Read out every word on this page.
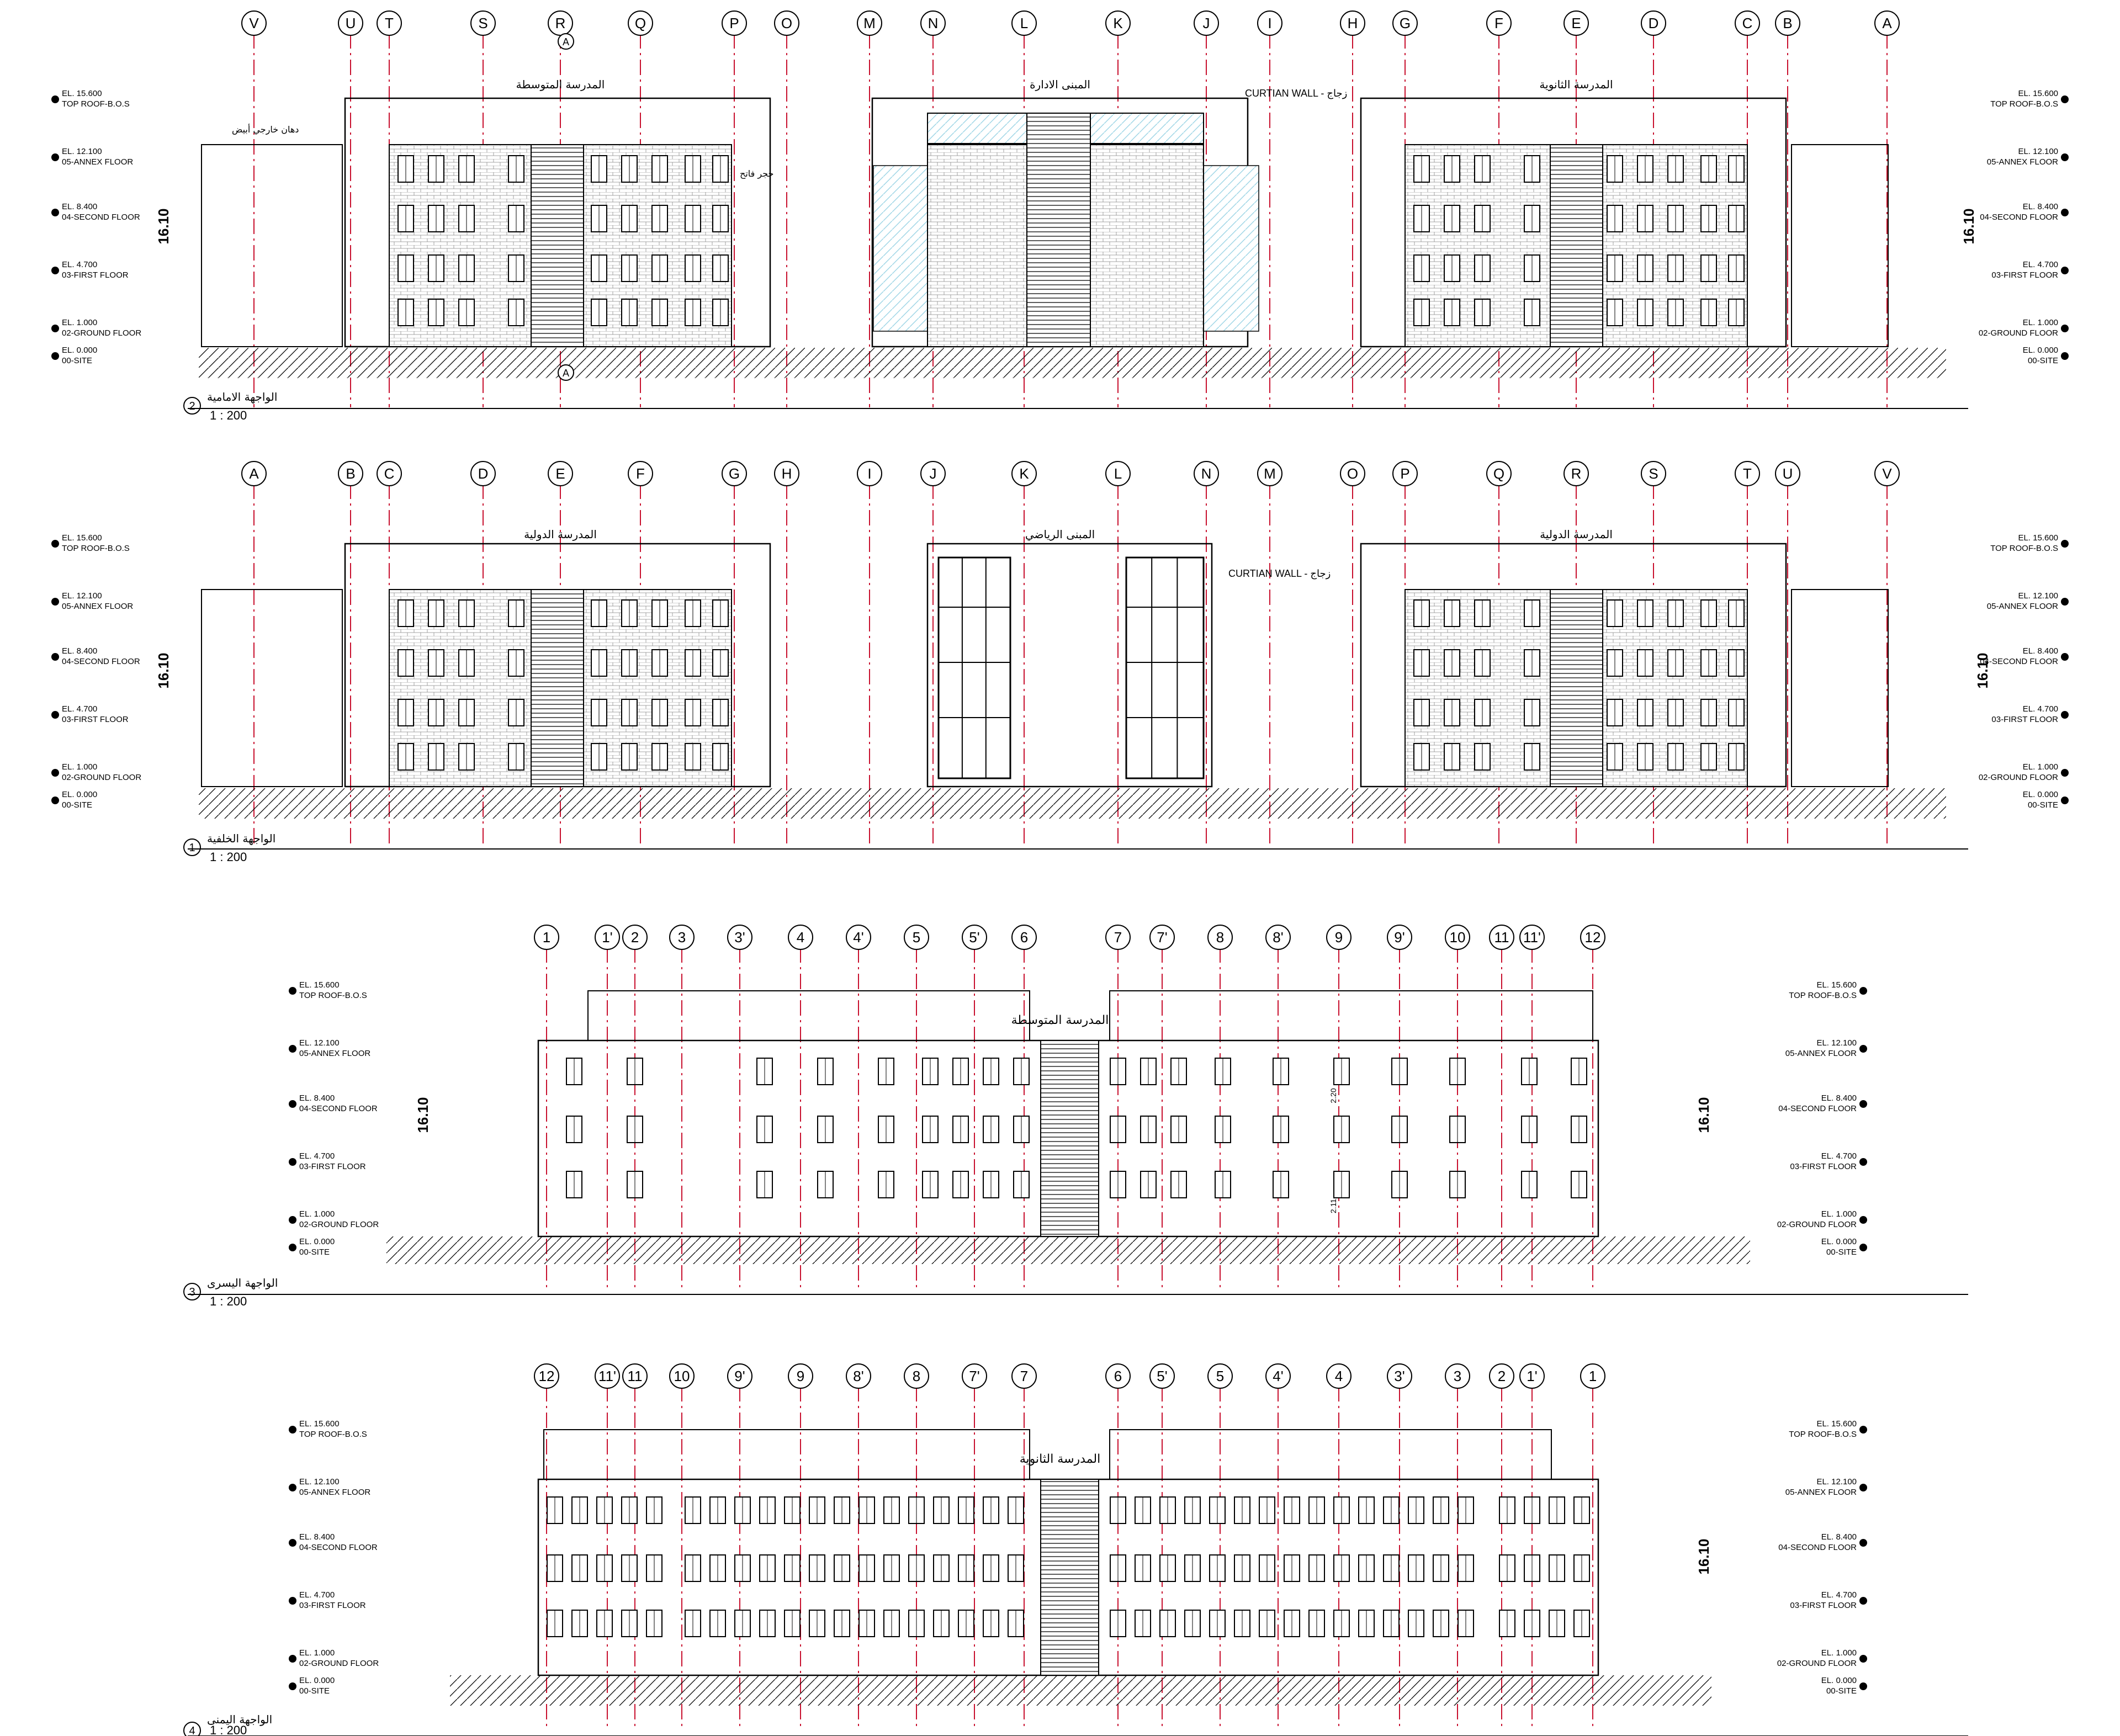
V	U T	S	R	Q	P	O	M	N	L	K	J	I	H	G	F	E	D	C B	A
2
الواجهة الامامية
1 : 200
المدرسة المتوسطة	المبنى الادارة	المدرسة الثانوية
CURTIAN WALL - زجاج
دهان خارجي أبيض
حجر فاتح
16.10	16.10
A
A
A	B C	D	E	F	G	H	I	J	K	L	N	M	O	P	Q	R	S	T U	V
1
الواجهة الخلفية
1 : 200
المدرسة الدولية	المبنى الرياضي	المدرسة الدولية
CURTIAN WALL - زجاج
16.10	16.10
1	1' 2	3	3'	4	4'	5	5'	6	7 7'	8	8'	9	9'	10 11 11'	12
3
الواجهة اليسرى
1 : 200
المدرسة المتوسطة
2.20
2.11
16.10	16.10
12	11' 11 10	9'	9	8'	8	7'	7	6 5'	5	4'	4	3'	3	2 1'	1
4
الواجهة اليمنى
1 : 200
المدرسة الثانوية
16.10
EL. 15.600
TOP ROOF-B.O.S
EL. 15.600
TOP ROOF-B.O.S
EL. 12.100
05-ANNEX FLOOR
EL. 12.100
05-ANNEX FLOOR
EL. 8.400
04-SECOND FLOOR
EL. 8.400
04-SECOND FLOOR
EL. 4.700
03-FIRST FLOOR
EL. 4.700
03-FIRST FLOOR
EL. 1.000
02-GROUND FLOOR
EL. 1.000
02-GROUND FLOOR
EL. 0.000
00-SITE
EL. 0.000
00-SITE
EL. 15.600
TOP ROOF-B.O.S
EL. 15.600
TOP ROOF-B.O.S
EL. 12.100
05-ANNEX FLOOR
EL. 12.100
05-ANNEX FLOOR
EL. 8.400
04-SECOND FLOOR
EL. 8.400
04-SECOND FLOOR
EL. 4.700
03-FIRST FLOOR
EL. 4.700
03-FIRST FLOOR
EL. 1.000
02-GROUND FLOOR
EL. 1.000
02-GROUND FLOOR
EL. 0.000
00-SITE
EL. 0.000
00-SITE
EL. 15.600
TOP ROOF-B.O.S
EL. 15.600
TOP ROOF-B.O.S
EL. 12.100
05-ANNEX FLOOR
EL. 12.100
05-ANNEX FLOOR
EL. 8.400
04-SECOND FLOOR
EL. 8.400
04-SECOND FLOOR
EL. 4.700
03-FIRST FLOOR
EL. 4.700
03-FIRST FLOOR
EL. 1.000
02-GROUND FLOOR
EL. 1.000
02-GROUND FLOOR
EL. 0.000
00-SITE
EL. 0.000
00-SITE
EL. 15.600
TOP ROOF-B.O.S
EL. 15.600
TOP ROOF-B.O.S
EL. 12.100
05-ANNEX FLOOR
EL. 12.100
05-ANNEX FLOOR
EL. 8.400
04-SECOND FLOOR
EL. 8.400
04-SECOND FLOOR
EL. 4.700
03-FIRST FLOOR
EL. 4.700
03-FIRST FLOOR
EL. 1.000
02-GROUND FLOOR
EL. 1.000
02-GROUND FLOOR
EL. 0.000
00-SITE
EL. 0.000
00-SITE
